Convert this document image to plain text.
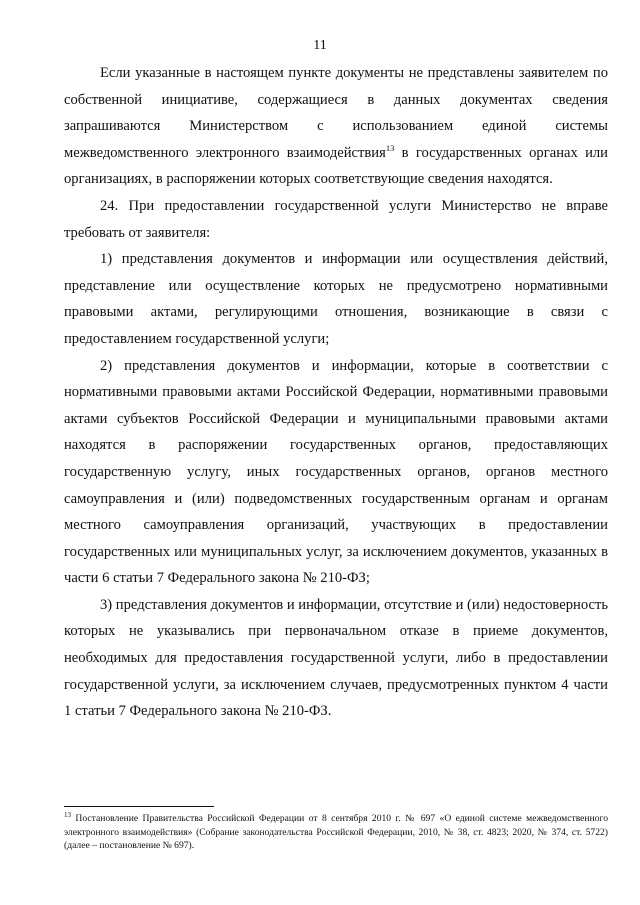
11

Если указанные в настоящем пункте документы не представлены заявителем по собственной инициативе, содержащиеся в данных документах сведения запрашиваются Министерством с использованием единой системы межведомственного электронного взаимодействия$^{13}$ в государственных органах или организациях, в распоряжении которых соответствующие сведения находятся.

24. При предоставлении государственной услуги Министерство не вправе требовать от заявителя:

1) представления документов и информации или осуществления действий, представление или осуществление которых не предусмотрено нормативными правовыми актами, регулирующими отношения, возникающие в связи с предоставлением государственной услуги;

2) представления документов и информации, которые в соответствии с нормативными правовыми актами Российской Федерации, нормативными правовыми актами субъектов Российской Федерации и муниципальными правовыми актами находятся в распоряжении государственных органов, предоставляющих государственную услугу, иных государственных органов, органов местного самоуправления и (или) подведомственных государственным органам и органам местного самоуправления организаций, участвующих в предоставлении государственных или муниципальных услуг, за исключением документов, указанных в части 6 статьи 7 Федерального закона № 210-ФЗ;

3) представления документов и информации, отсутствие и (или) недостоверность которых не указывались при первоначальном отказе в приеме документов, необходимых для предоставления государственной услуги, либо в предоставлении государственной услуги, за исключением случаев, предусмотренных пунктом 4 части 1 статьи 7 Федерального закона № 210-ФЗ.

$^{13}$ Постановление Правительства Российской Федерации от 8 сентября 2010 г. № 697 «О единой системе межведомственного электронного взаимодействия» (Собрание законодательства Российской Федерации, 2010, № 38, ст. 4823; 2020, № 374, ст. 5722) (далее – постановление № 697).
